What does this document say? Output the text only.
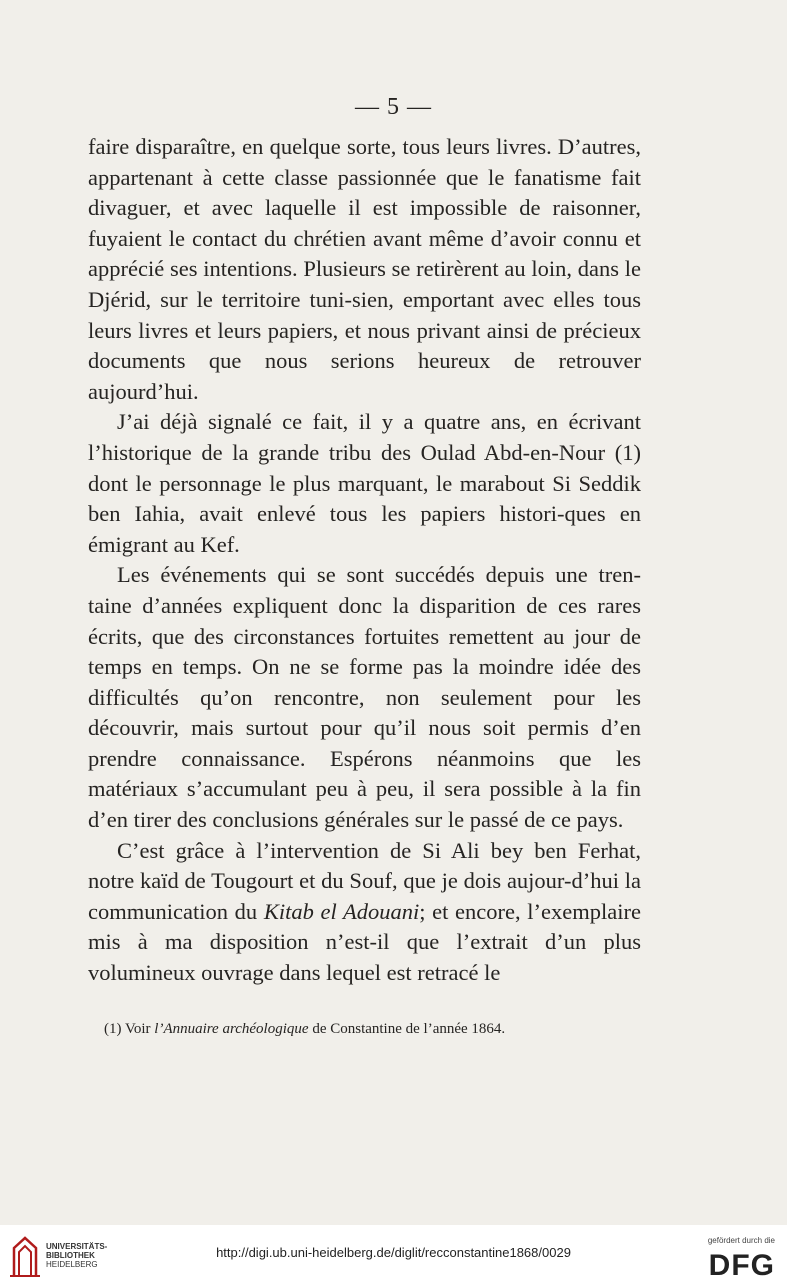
— 5 —

faire disparaître, en quelque sorte, tous leurs livres. D’autres, appartenant à cette classe passionnée que le fanatisme fait divaguer, et avec laquelle il est impossible de raisonner, fuyaient le contact du chrétien avant même d’avoir connu et apprécié ses intentions. Plusieurs se retirèrent au loin, dans le Djérid, sur le territoire tuni-sien, emportant avec elles tous leurs livres et leurs papiers, et nous privant ainsi de précieux documents que nous serions heureux de retrouver aujourd’hui.

J’ai déjà signalé ce fait, il y a quatre ans, en écrivant l’historique de la grande tribu des Oulad Abd-en-Nour (1) dont le personnage le plus marquant, le marabout Si Seddik ben Iahia, avait enlevé tous les papiers histori-ques en émigrant au Kef.

Les événements qui se sont succédés depuis une tren-taine d’années expliquent donc la disparition de ces rares écrits, que des circonstances fortuites remettent au jour de temps en temps. On ne se forme pas la moindre idée des difficultés qu’on rencontre, non seulement pour les découvrir, mais surtout pour qu’il nous soit permis d’en prendre connaissance. Espérons néanmoins que les matériaux s’accumulant peu à peu, il sera possible à la fin d’en tirer des conclusions générales sur le passé de ce pays.

C’est grâce à l’intervention de Si Ali bey ben Ferhat, notre kaïd de Tougourt et du Souf, que je dois aujour-d’hui la communication du Kitab el Adouani; et encore, l’exemplaire mis à ma disposition n’est-il que l’extrait d’un plus volumineux ouvrage dans lequel est retracé le

(1) Voir l’Annuaire archéologique de Constantine de l’année 1864.
UNIVERSITÄTS-
BIBLIOTHEK
HEIDELBERG
http://digi.ub.uni-heidelberg.de/diglit/recconstantine1868/0029
gefördert durch die
DFG
